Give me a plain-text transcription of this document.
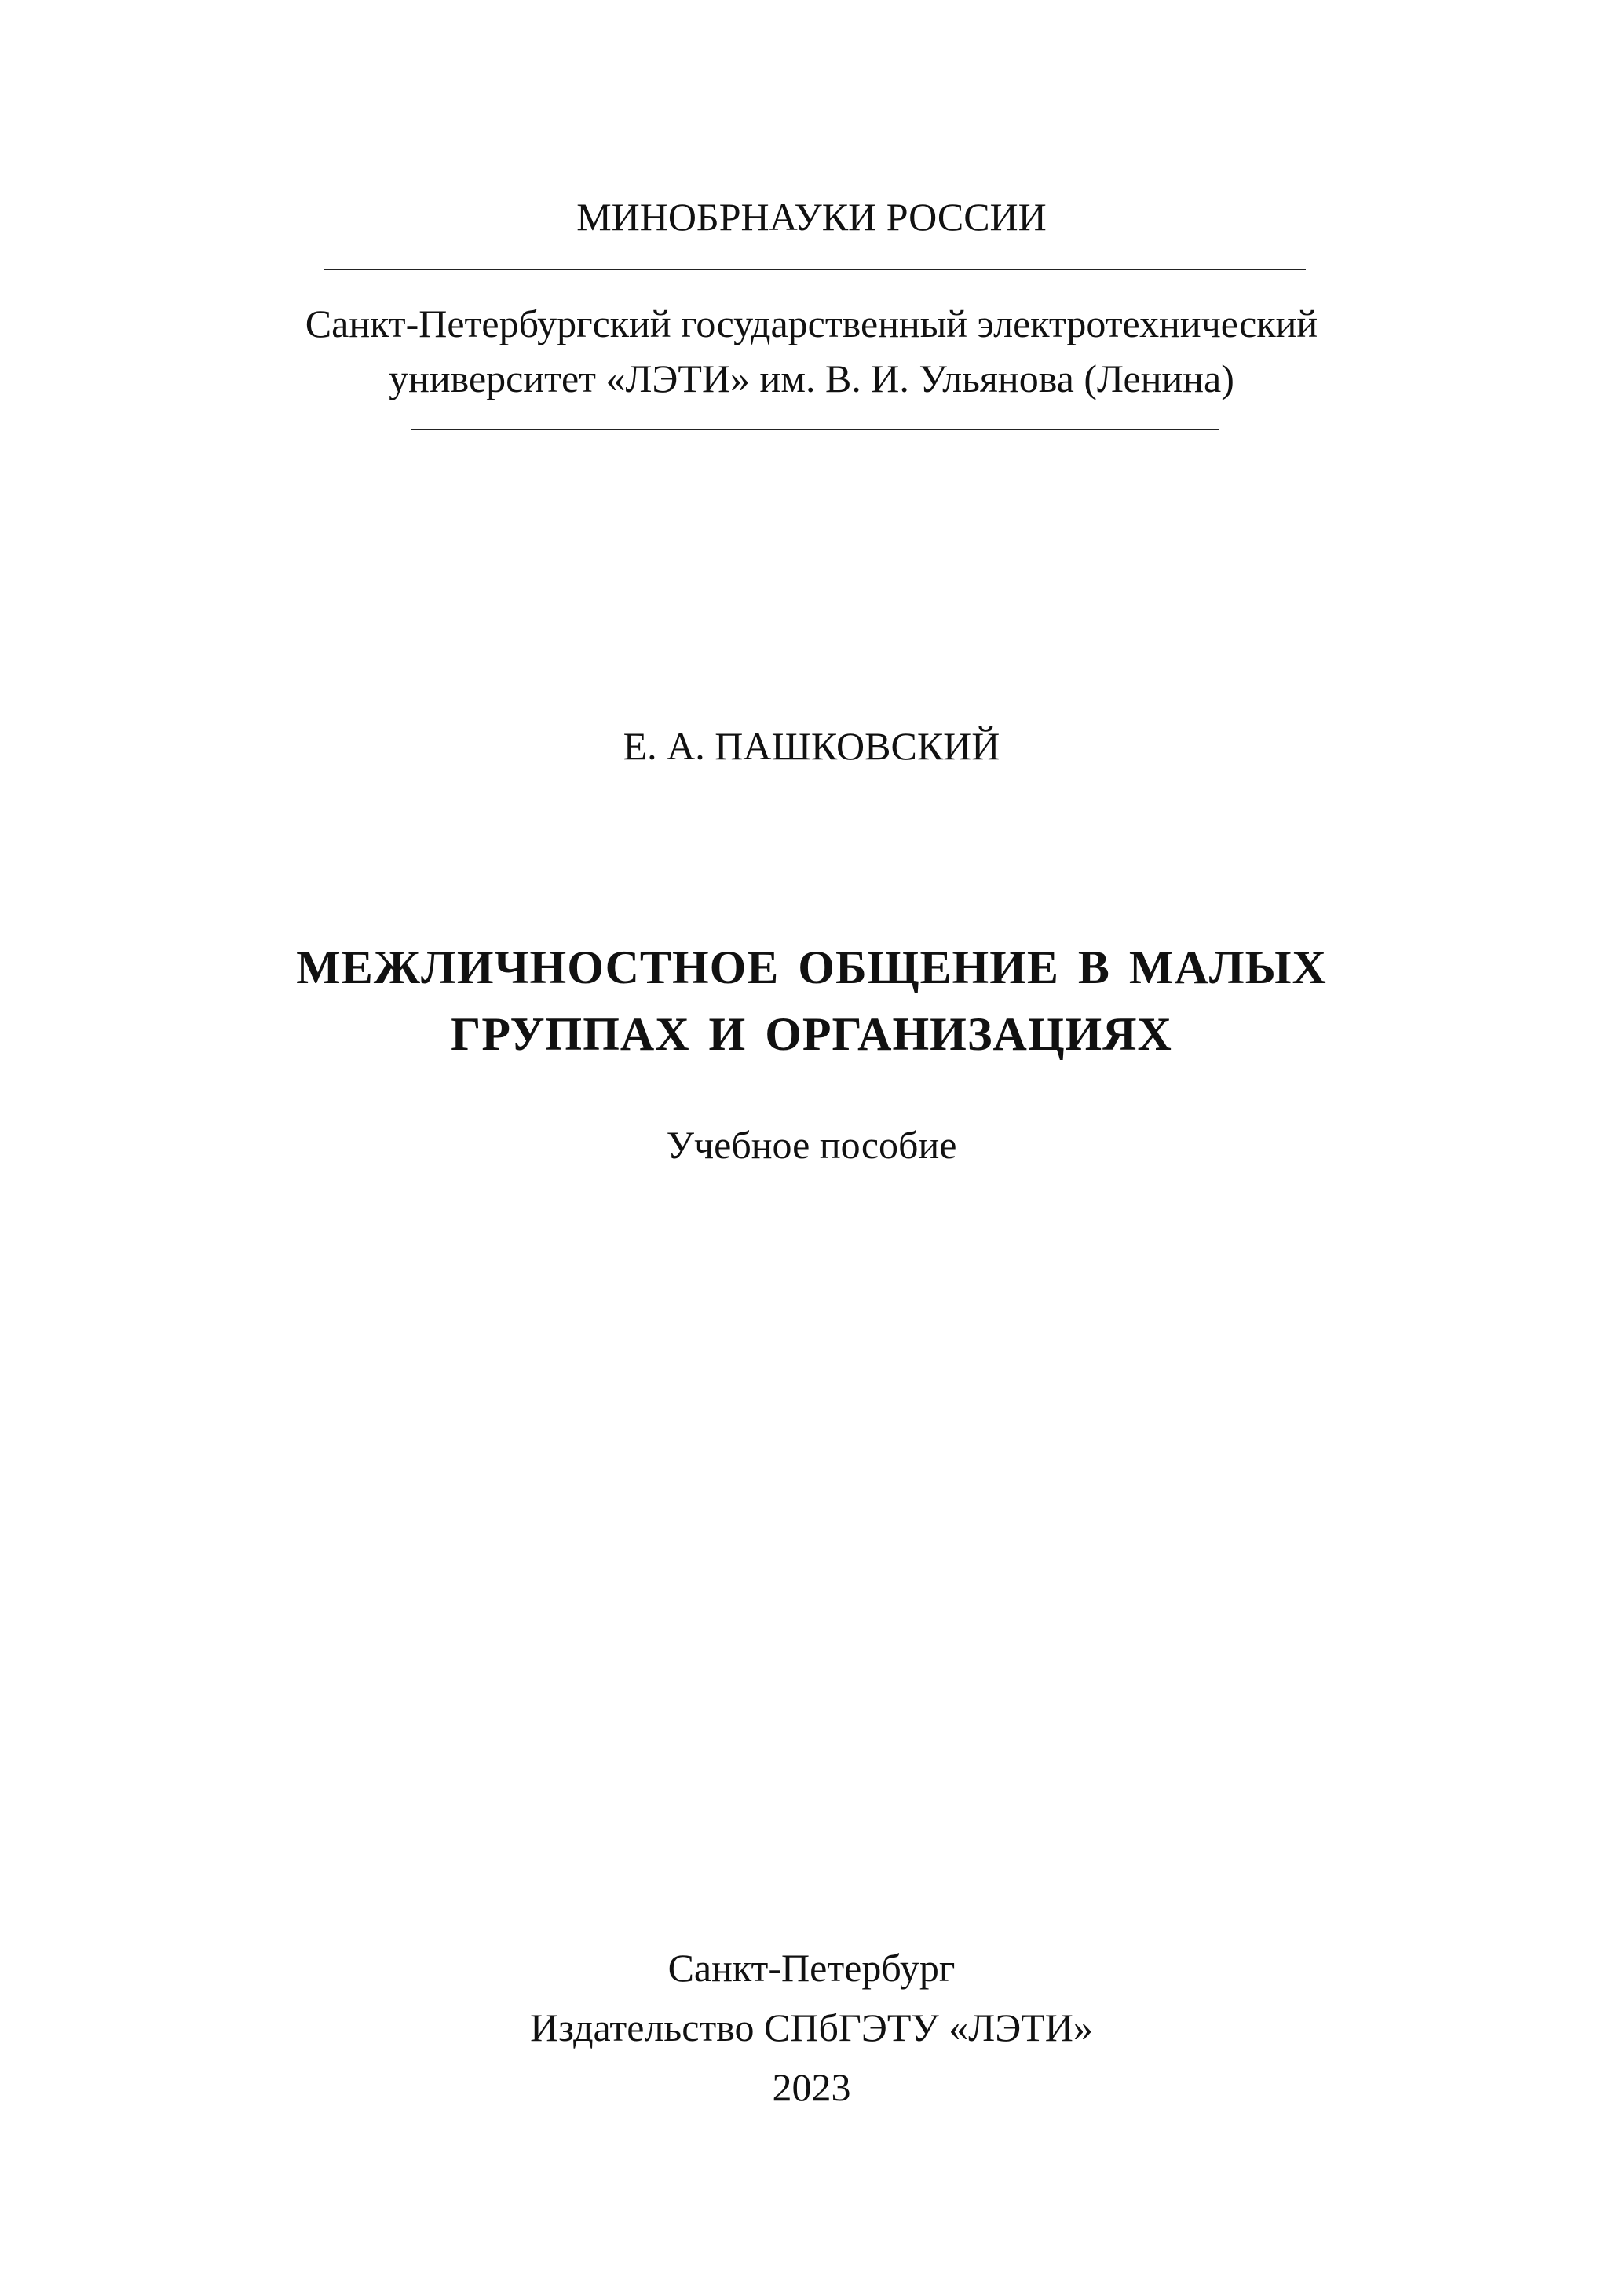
МИНОБРНАУКИ РОССИИ
Санкт-Петербургский государственный электротехнический
университет «ЛЭТИ» им. В. И. Ульянова (Ленина)
Е. А. ПАШКОВСКИЙ
МЕЖЛИЧНОСТНОЕ ОБЩЕНИЕ В МАЛЫХ
ГРУППАХ И ОРГАНИЗАЦИЯХ
Учебное пособие
Санкт-Петербург
Издательство СПбГЭТУ «ЛЭТИ»
2023
